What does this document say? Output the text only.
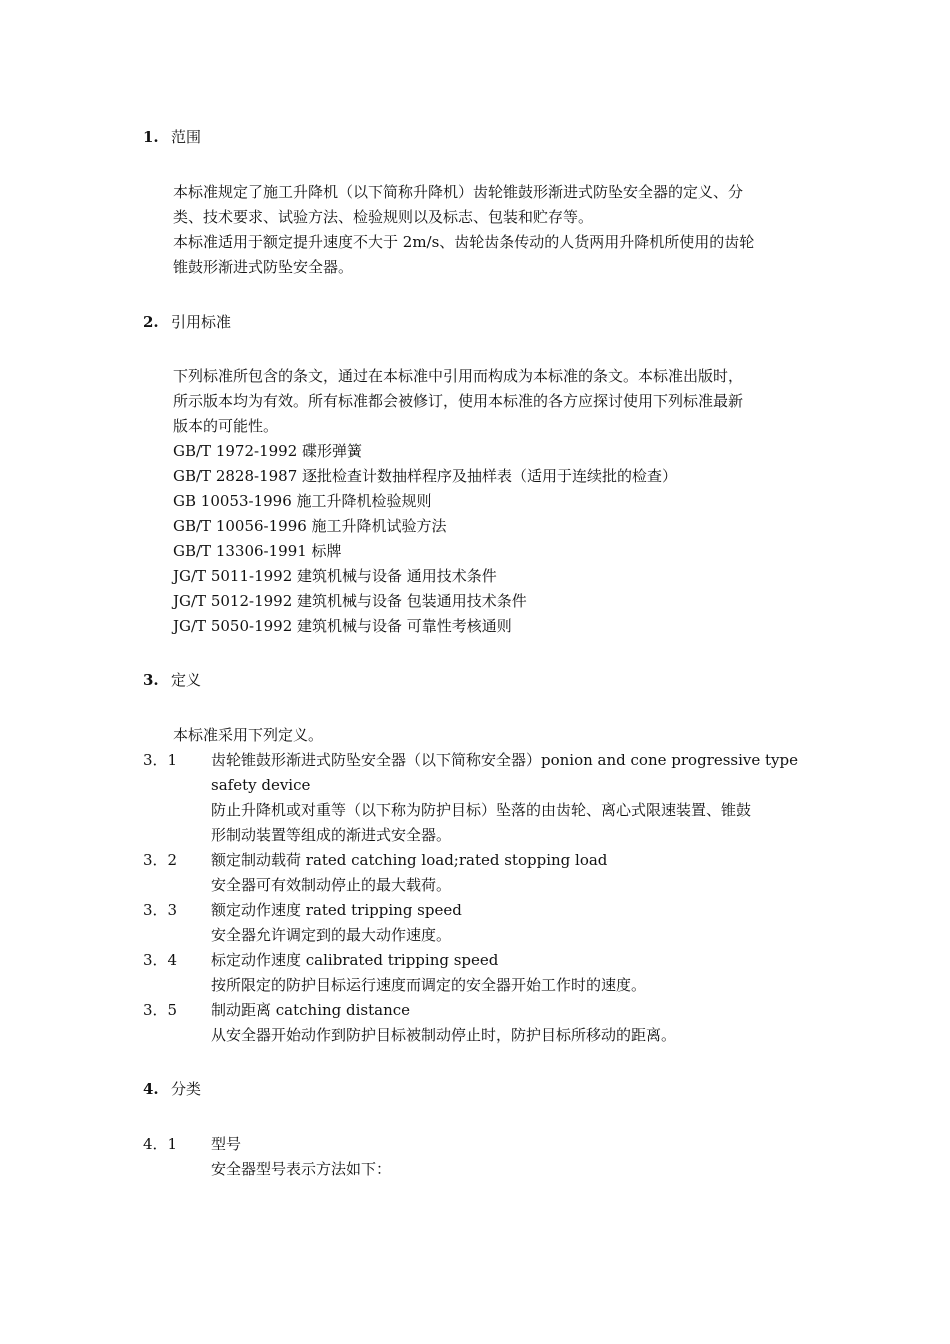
1. 范围
本标准规定了施工升降机（以下简称升降机）齿轮锥鼓形渐进式防坠安全器的定义、分
类、技术要求、试验方法、检验规则以及标志、包装和贮存等。
本标准适用于额定提升速度不大于 2m/s、齿轮齿条传动的人货两用升降机所使用的齿轮
锥鼓形渐进式防坠安全器。
2. 引用标准
下列标准所包含的条文，通过在本标准中引用而构成为本标准的条文。本标准出版时，
所示版本均为有效。所有标准都会被修订，使用本标准的各方应探讨使用下列标准最新
版本的可能性。
GB/T 1972-1992 碟形弹簧
GB/T 2828-1987 逐批检查计数抽样程序及抽样表（适用于连续批的检查）
GB 10053-1996 施工升降机检验规则
GB/T 10056-1996 施工升降机试验方法
GB/T 13306-1991 标牌
JG/T 5011-1992 建筑机械与设备 通用技术条件
JG/T 5012-1992 建筑机械与设备 包装通用技术条件
JG/T 5050-1992 建筑机械与设备 可靠性考核通则
3. 定义
本标准采用下列定义。
3．1 齿轮锥鼓形渐进式防坠安全器（以下简称安全器）ponion and cone progressive type
safety device
防止升降机或对重等（以下称为防护目标）坠落的由齿轮、离心式限速装置、锥鼓
形制动装置等组成的渐进式安全器。
3．2 额定制动载荷 rated catching load;rated stopping load
安全器可有效制动停止的最大载荷。
3．3 额定动作速度 rated tripping speed
安全器允许调定到的最大动作速度。
3．4 标定动作速度 calibrated tripping speed
按所限定的防护目标运行速度而调定的安全器开始工作时的速度。
3．5 制动距离 catching distance
从安全器开始动作到防护目标被制动停止时，防护目标所移动的距离。
4. 分类
4．1 型号
安全器型号表示方法如下：
